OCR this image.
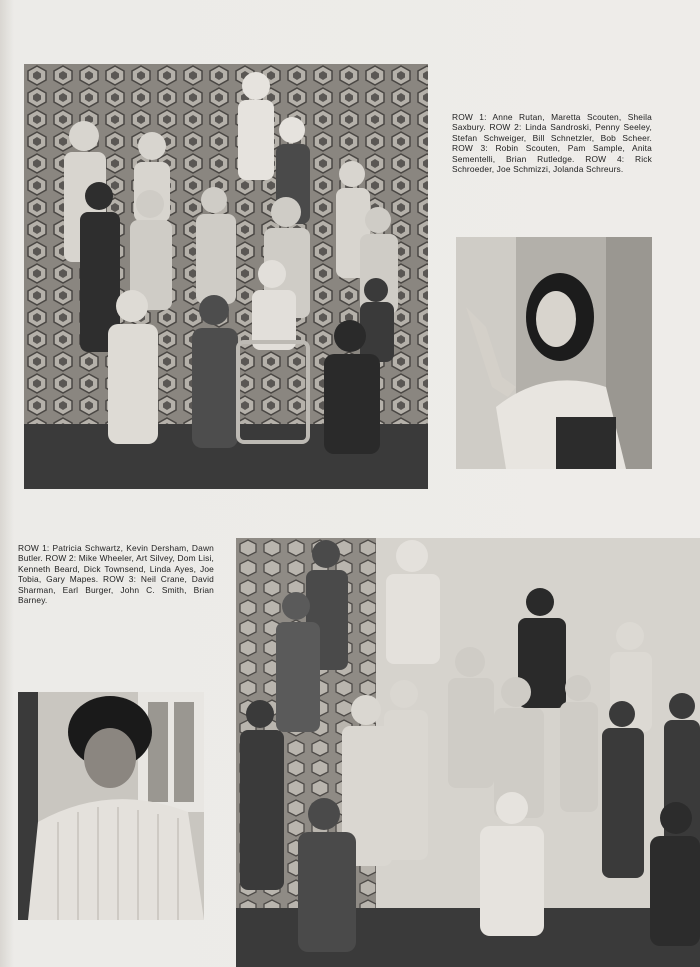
ROW 1: Anne Rutan, Maretta Scouten, Sheila Saxbury. ROW 2: Linda Sandroski, Penny Seeley, Stefan Schweiger, Bill Schnetzler, Bob Scheer. ROW 3: Robin Scouten, Pam Sample, Anita Sementelli, Brian Rutledge. ROW 4: Rick Schroeder, Joe Schmizzi, Jolanda Schreurs.
ROW 1: Patricia Schwartz, Kevin Dersham, Dawn Butler. ROW 2: Mike Wheeler, Art Silvey, Dom Lisi, Kenneth Beard, Dick Townsend, Linda Ayes, Joe Tobia, Gary Mapes. ROW 3: Neil Crane, David Sharman, Earl Burger, John C. Smith, Brian Barney.
